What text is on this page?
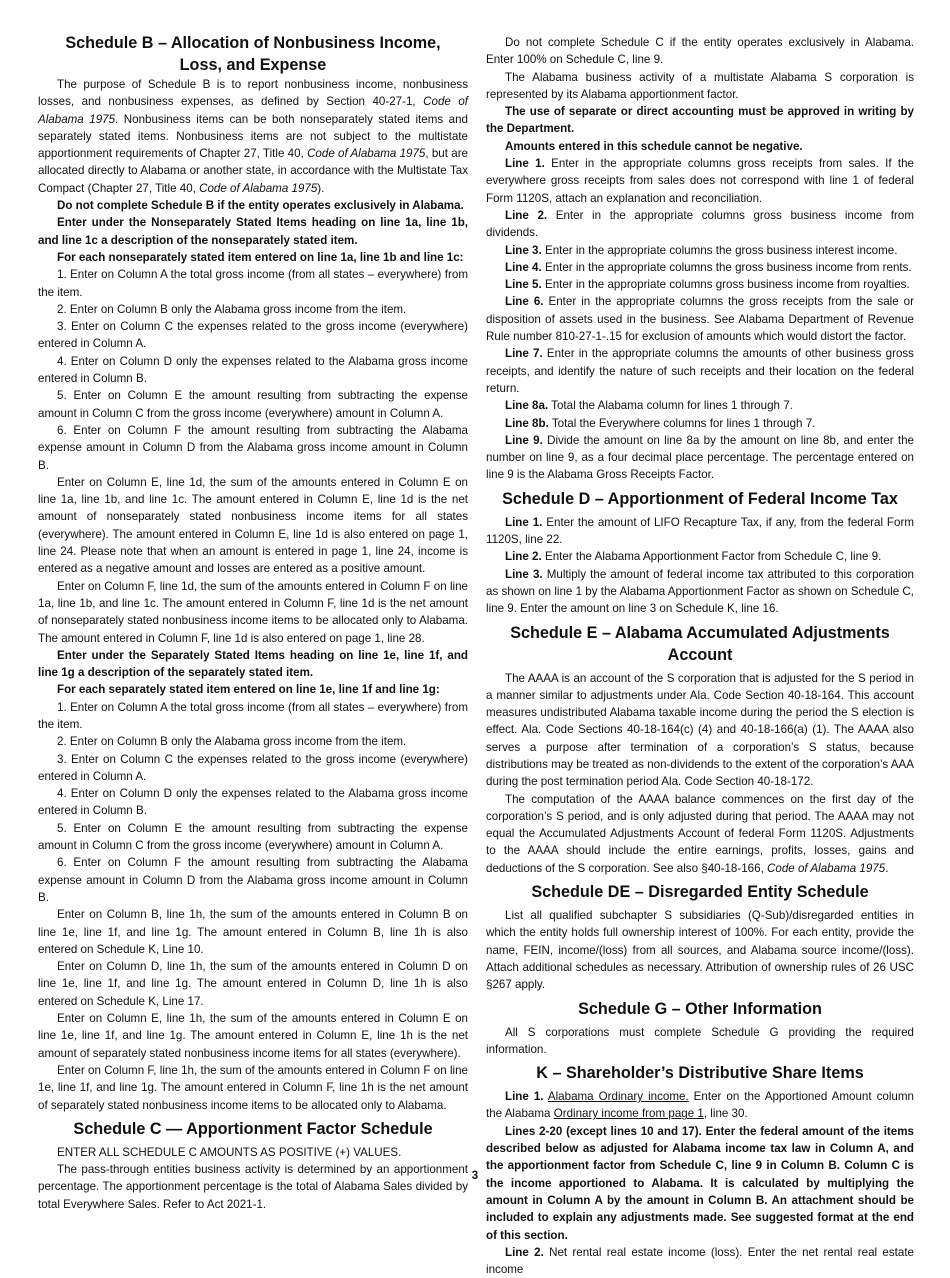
Schedule B – Allocation of Nonbusiness Income,
Loss, and Expense

The purpose of Schedule B is to report nonbusiness income, nonbusiness losses, and nonbusiness expenses, as defined by Section 40-27-1, Code of Alabama 1975. Nonbusiness items can be both nonseparately stated items and separately stated items. Nonbusiness items are not subject to the multistate apportionment requirements of Chapter 27, Title 40, Code of Alabama 1975, but are allocated directly to Alabama or another state, in accordance with the Multistate Tax Compact (Chapter 27, Title 40, Code of Alabama 1975).

Do not complete Schedule B if the entity operates exclusively in Alabama.

Enter under the Nonseparately Stated Items heading on line 1a, line 1b, and line 1c a description of the nonseparately stated item.

For each nonseparately stated item entered on line 1a, line 1b and line 1c:

1. Enter on Column A the total gross income (from all states – everywhere) from the item.

2. Enter on Column B only the Alabama gross income from the item.

3. Enter on Column C the expenses related to the gross income (everywhere) entered in Column A.

4. Enter on Column D only the expenses related to the Alabama gross income entered in Column B.

5. Enter on Column E the amount resulting from subtracting the expense amount in Column C from the gross income (everywhere) amount in Column A.

6. Enter on Column F the amount resulting from subtracting the Alabama expense amount in Column D from the Alabama gross income amount in Column B.

Enter on Column E, line 1d, the sum of the amounts entered in Column E on line 1a, line 1b, and line 1c. The amount entered in Column E, line 1d is the net amount of nonseparately stated nonbusiness income items for all states (everywhere). The amount entered in Column E, line 1d is also entered on page 1, line 24. Please note that when an amount is entered in page 1, line 24, income is entered as a negative amount and losses are entered as a positive amount.

Enter on Column F, line 1d, the sum of the amounts entered in Column F on line 1a, line 1b, and line 1c. The amount entered in Column F, line 1d is the net amount of nonseparately stated nonbusiness income items to be allocated only to Alabama. The amount entered in Column F, line 1d is also entered on page 1, line 28.

Enter under the Separately Stated Items heading on line 1e, line 1f, and line 1g a description of the separately stated item.

For each separately stated item entered on line 1e, line 1f and line 1g:

1. Enter on Column A the total gross income (from all states – everywhere) from the item.

2. Enter on Column B only the Alabama gross income from the item.

3. Enter on Column C the expenses related to the gross income (everywhere) entered in Column A.

4. Enter on Column D only the expenses related to the Alabama gross income entered in Column B.

5. Enter on Column E the amount resulting from subtracting the expense amount in Column C from the gross income (everywhere) amount in Column A.

6. Enter on Column F the amount resulting from subtracting the Alabama expense amount in Column D from the Alabama gross income amount in Column B.

Enter on Column B, line 1h, the sum of the amounts entered in Column B on line 1e, line 1f, and line 1g. The amount entered in Column B, line 1h is also entered on Schedule K, Line 10.

Enter on Column D, line 1h, the sum of the amounts entered in Column D on line 1e, line 1f, and line 1g. The amount entered in Column D, line 1h is also entered on Schedule K, Line 17.

Enter on Column E, line 1h, the sum of the amounts entered in Column E on line 1e, line 1f, and line 1g. The amount entered in Column E, line 1h is the net amount of separately stated nonbusiness income items for all states (everywhere).

Enter on Column F, line 1h, the sum of the amounts entered in Column F on line 1e, line 1f, and line 1g. The amount entered in Column F, line 1h is the net amount of separately stated nonbusiness income items to be allocated only to Alabama.

Schedule C — Apportionment Factor Schedule

ENTER ALL SCHEDULE C AMOUNTS AS POSITIVE (+) VALUES.

The pass-through entities business activity is determined by an apportionment percentage. The apportionment percentage is the total of Alabama Sales divided by total Everywhere Sales. Refer to Act 2021-1.

Do not complete Schedule C if the entity operates exclusively in Alabama. Enter 100% on Schedule C, line 9.

The Alabama business activity of a multistate Alabama S corporation is represented by its Alabama apportionment factor.

The use of separate or direct accounting must be approved in writing by the Department.

Amounts entered in this schedule cannot be negative.

Line 1. Enter in the appropriate columns gross receipts from sales. If the everywhere gross receipts from sales does not correspond with line 1 of federal Form 1120S, attach an explanation and reconciliation.

Line 2. Enter in the appropriate columns gross business income from dividends.

Line 3. Enter in the appropriate columns the gross business interest income.

Line 4. Enter in the appropriate columns the gross business income from rents.

Line 5. Enter in the appropriate columns gross business income from royalties.

Line 6. Enter in the appropriate columns the gross receipts from the sale or disposition of assets used in the business. See Alabama Department of Revenue Rule number 810-27-1-.15 for exclusion of amounts which would distort the factor.

Line 7. Enter in the appropriate columns the amounts of other business gross receipts, and identify the nature of such receipts and their location on the federal return.

Line 8a. Total the Alabama column for lines 1 through 7.

Line 8b. Total the Everywhere columns for lines 1 through 7.

Line 9. Divide the amount on line 8a by the amount on line 8b, and enter the number on line 9, as a four decimal place percentage. The percentage entered on line 9 is the Alabama Gross Receipts Factor.

Schedule D – Apportionment of Federal Income Tax

Line 1. Enter the amount of LIFO Recapture Tax, if any, from the federal Form 1120S, line 22.

Line 2. Enter the Alabama Apportionment Factor from Schedule C, line 9.

Line 3. Multiply the amount of federal income tax attributed to this corporation as shown on line 1 by the Alabama Apportionment Factor as shown on Schedule C, line 9. Enter the amount on line 3 on Schedule K, line 16.

Schedule E – Alabama Accumulated Adjustments Account

The AAAA is an account of the S corporation that is adjusted for the S period in a manner similar to adjustments under Ala. Code Section 40-18-164. This account measures undistributed Alabama taxable income during the period the S election is effect. Ala. Code Sections 40-18-164(c) (4) and 40-18-166(a) (1). The AAAA also serves a purpose after termination of a corporation’s S status, because distributions may be treated as non-dividends to the extent of the corporation’s AAA during the post termination period Ala. Code Section 40-18-172.

The computation of the AAAA balance commences on the first day of the corporation’s S period, and is only adjusted during that period. The AAAA may not equal the Accumulated Adjustments Account of federal Form 1120S. Adjustments to the AAAA should include the entire earnings, profits, losses, gains and deductions of the S corporation. See also §40-18-166, Code of Alabama 1975.

Schedule DE – Disregarded Entity Schedule

List all qualified subchapter S subsidiaries (Q-Sub)/disregarded entities in which the entity holds full ownership interest of 100%. For each entity, provide the name, FEIN, income/(loss) from all sources, and Alabama source income/(loss). Attach additional schedules as necessary. Attribution of ownership rules of 26 USC §267 apply.

Schedule G – Other Information

All S corporations must complete Schedule G providing the required information.

K – Shareholder’s Distributive Share Items

Line 1. Alabama Ordinary income. Enter on the Apportioned Amount column the Alabama Ordinary income from page 1, line 30.

Lines 2-20 (except lines 10 and 17). Enter the federal amount of the items described below as adjusted for Alabama income tax law in Column A, and the apportionment factor from Schedule C, line 9 in Column B. Column C is the income apportioned to Alabama. It is calculated by multiplying the amount in Column A by the amount in Column B. An attachment should be included to explain any adjustments made. See suggested format at the end of this section.

Line 2. Net rental real estate income (loss). Enter the net rental real estate income

3
